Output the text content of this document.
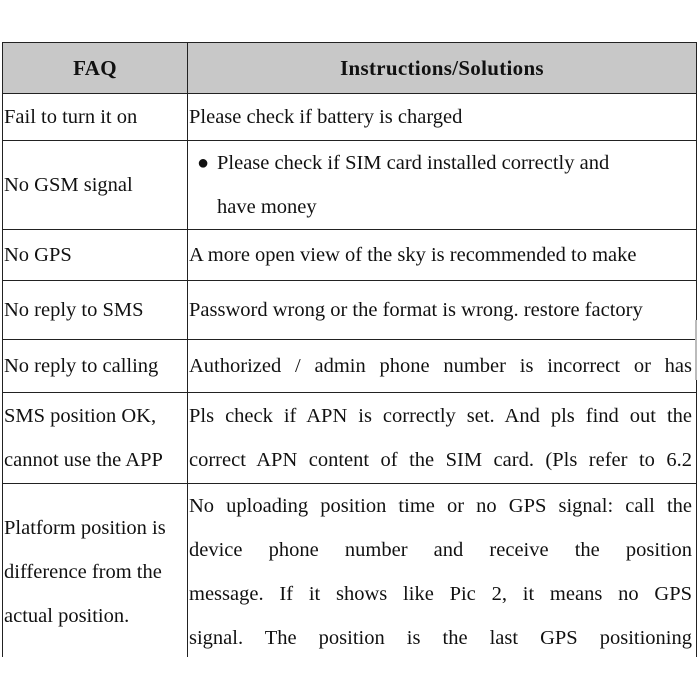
FAQ	Instructions/Solutions

Fail to turn it on	Please check if battery is charged

No GSM signal	● Please check if SIM card installed correctly and
have money

No GPS	A more open view of the sky is recommended to make

No reply to SMS	Password wrong or the format is wrong. restore factory

No reply to calling	Authorized / admin phone number is incorrect or has

SMS position OK,
cannot use the APP	Pls check if APN is correctly set. And pls find out the
correct APN content of the SIM card. (Pls refer to 6.2

Platform position is
difference from the
actual position.	No uploading position time or no GPS signal: call the
device phone number and receive the position
message. If it shows like Pic 2, it means no GPS
signal. The position is the last GPS positioning
